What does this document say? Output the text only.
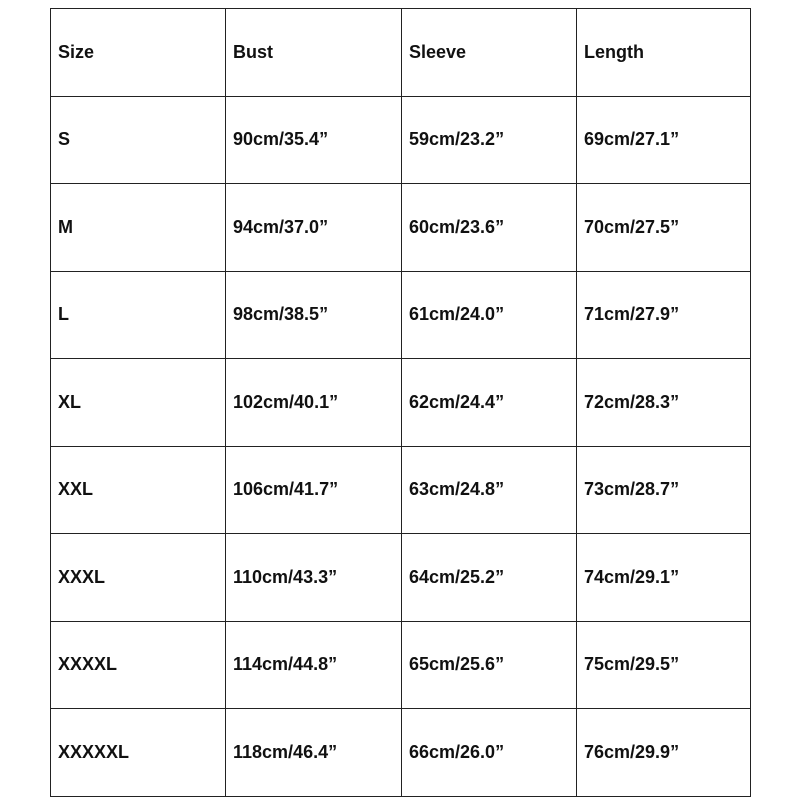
Size	Bust	Sleeve	Length
S	90cm/35.4”	59cm/23.2”	69cm/27.1”
M	94cm/37.0”	60cm/23.6”	70cm/27.5”
L	98cm/38.5”	61cm/24.0”	71cm/27.9”
XL	102cm/40.1”	62cm/24.4”	72cm/28.3”
XXL	106cm/41.7”	63cm/24.8”	73cm/28.7”
XXXL	110cm/43.3”	64cm/25.2”	74cm/29.1”
XXXXL	114cm/44.8”	65cm/25.6”	75cm/29.5”
XXXXXL	118cm/46.4”	66cm/26.0”	76cm/29.9”
